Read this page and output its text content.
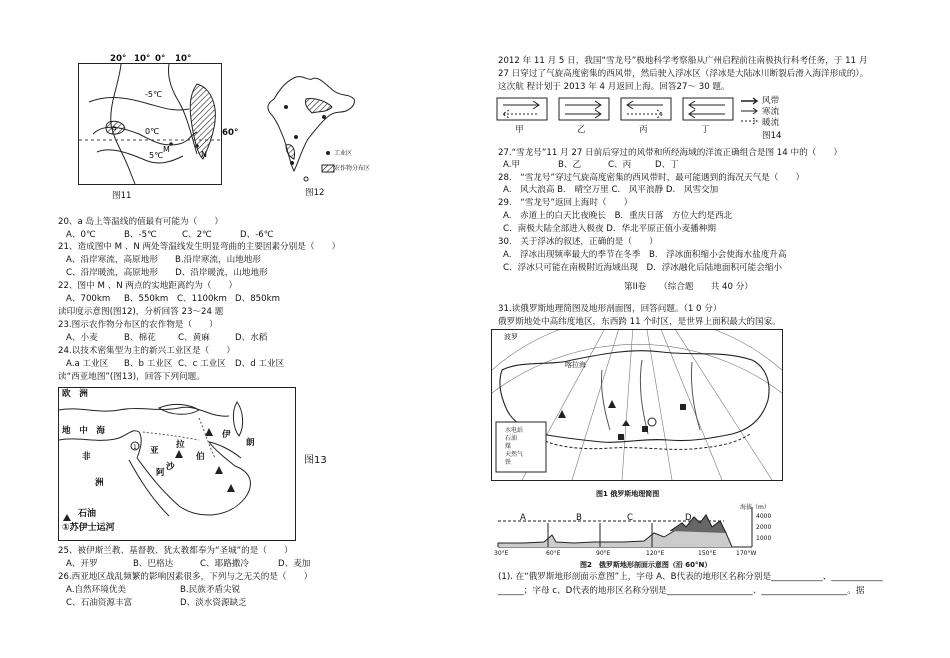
-5℃
0℃
5℃
M
N
a
20° 10° 0° 10°
60°
图11
工业区
农作物分布区
图12
20、a 岛上等温线的值最有可能为（　　）
A、0℃	B、-5℃	C、2℃	D、-6℃
21、造成图中 M 、N 两处等温线发生明显弯曲的主要因素分别是（　　）
A、沿岸寒流，高原地形　　B.沿岸寒流，山地地形
C、沿岸暖流，高原地形　　D、沿岸暖流，山地地形
22、图中 M 、N 两点的实地距离约为（　　）
A、700km B、550km C、1100km D、850km
读印度示意图(图12)，分析回答 23～24 题
23.图示农作物分布区的农作物是（　　）
A、小麦	B、棉花	C、黄麻	D、水稻
24.以技术密集型为主的新兴工业区是（　　）
A.a 工业区 B、b 工业区 C、c 工业区 D、d 工业区
读“西亚地图”(图13)，回答下列问题。
1
欧　洲
地　中　海
非
洲
亚
沙
伊
朗
阿
拉
伯
石油
①苏伊士运河
图13
25、被伊斯兰教、基督教、犹太教都奉为“圣城”的是（　　）
A、开罗	B、巴格达	C、耶路撒冷	D、麦加
26.西亚地区战乱频繁的影响因素很多，下列与之无关的是（　　）
A.自然环境优美	B.民族矛盾尖锐
C、石油资源丰富	D、淡水资源缺乏
2012 年 11 月 5 日，我国“雪龙号”极地科学考察船从广州启程前往南极执行科考任务，于 11 月
27 日穿过了气旋高度密集的西风带，然后驶入浮冰区（浮冰是大陆冰川断裂后滑入海洋形成的）。
这次航 程计划于 2013 年 4 月返回上海。回答27～ 30 题。
甲	乙	丙	丁
风带
寒流
暖流
图14
27.“雪龙号”11 月 27 日前后穿过的风带和所经海域的洋流正确组合是图 14 中的（　　）
A.甲	B、乙	C、丙	D、丁
28.　“雪龙号”穿过气旋高度密集的西风带时，最可能遇到的海况天气是（　　）
A.　风大浪高 B.　晴空万里 C.　风平浪静 D.　风雪交加
29.　“雪龙号”返回上海时（　　）
A.　赤道上的白天比夜晚长　B．重庆日落　方位大约是西北
C．南极大陆全部进入极夜 D．华北平原正值小麦播种期
30.　关于浮冰的叙述，正确的是（　　）
A.　浮冰出现频率最大的季节在冬季　B.　浮冰面积缩小会使海水盐度升高
C．浮冰只可能在南极附近海域出现　D．浮冰融化后陆地面积可能会缩小
第II卷　　（综合题　　共 40 分）
31.读俄罗斯地理简图及地形剖面图，回答问题。（1 0 分）
俄罗斯地处中高纬度地区，东西跨 11 个时区，是世界上面积最大的国家。
波罗
喀拉海
水电站
石油
煤
天然气
铁
图1 俄罗斯地理简图
海拔（m）
4000
2000
1000
A	B	C	D
30°E	60°E	90°E	120°E	150°E	170°W
图2　俄罗斯地形剖面示意图（沿 60°N）
(1). 在“俄罗斯地形剖面示意图”上，字母 A、B代表的地形区名称分别是____________、____________
______；字母 c、D代表的地形区名称分别是____________________、____________________。据
